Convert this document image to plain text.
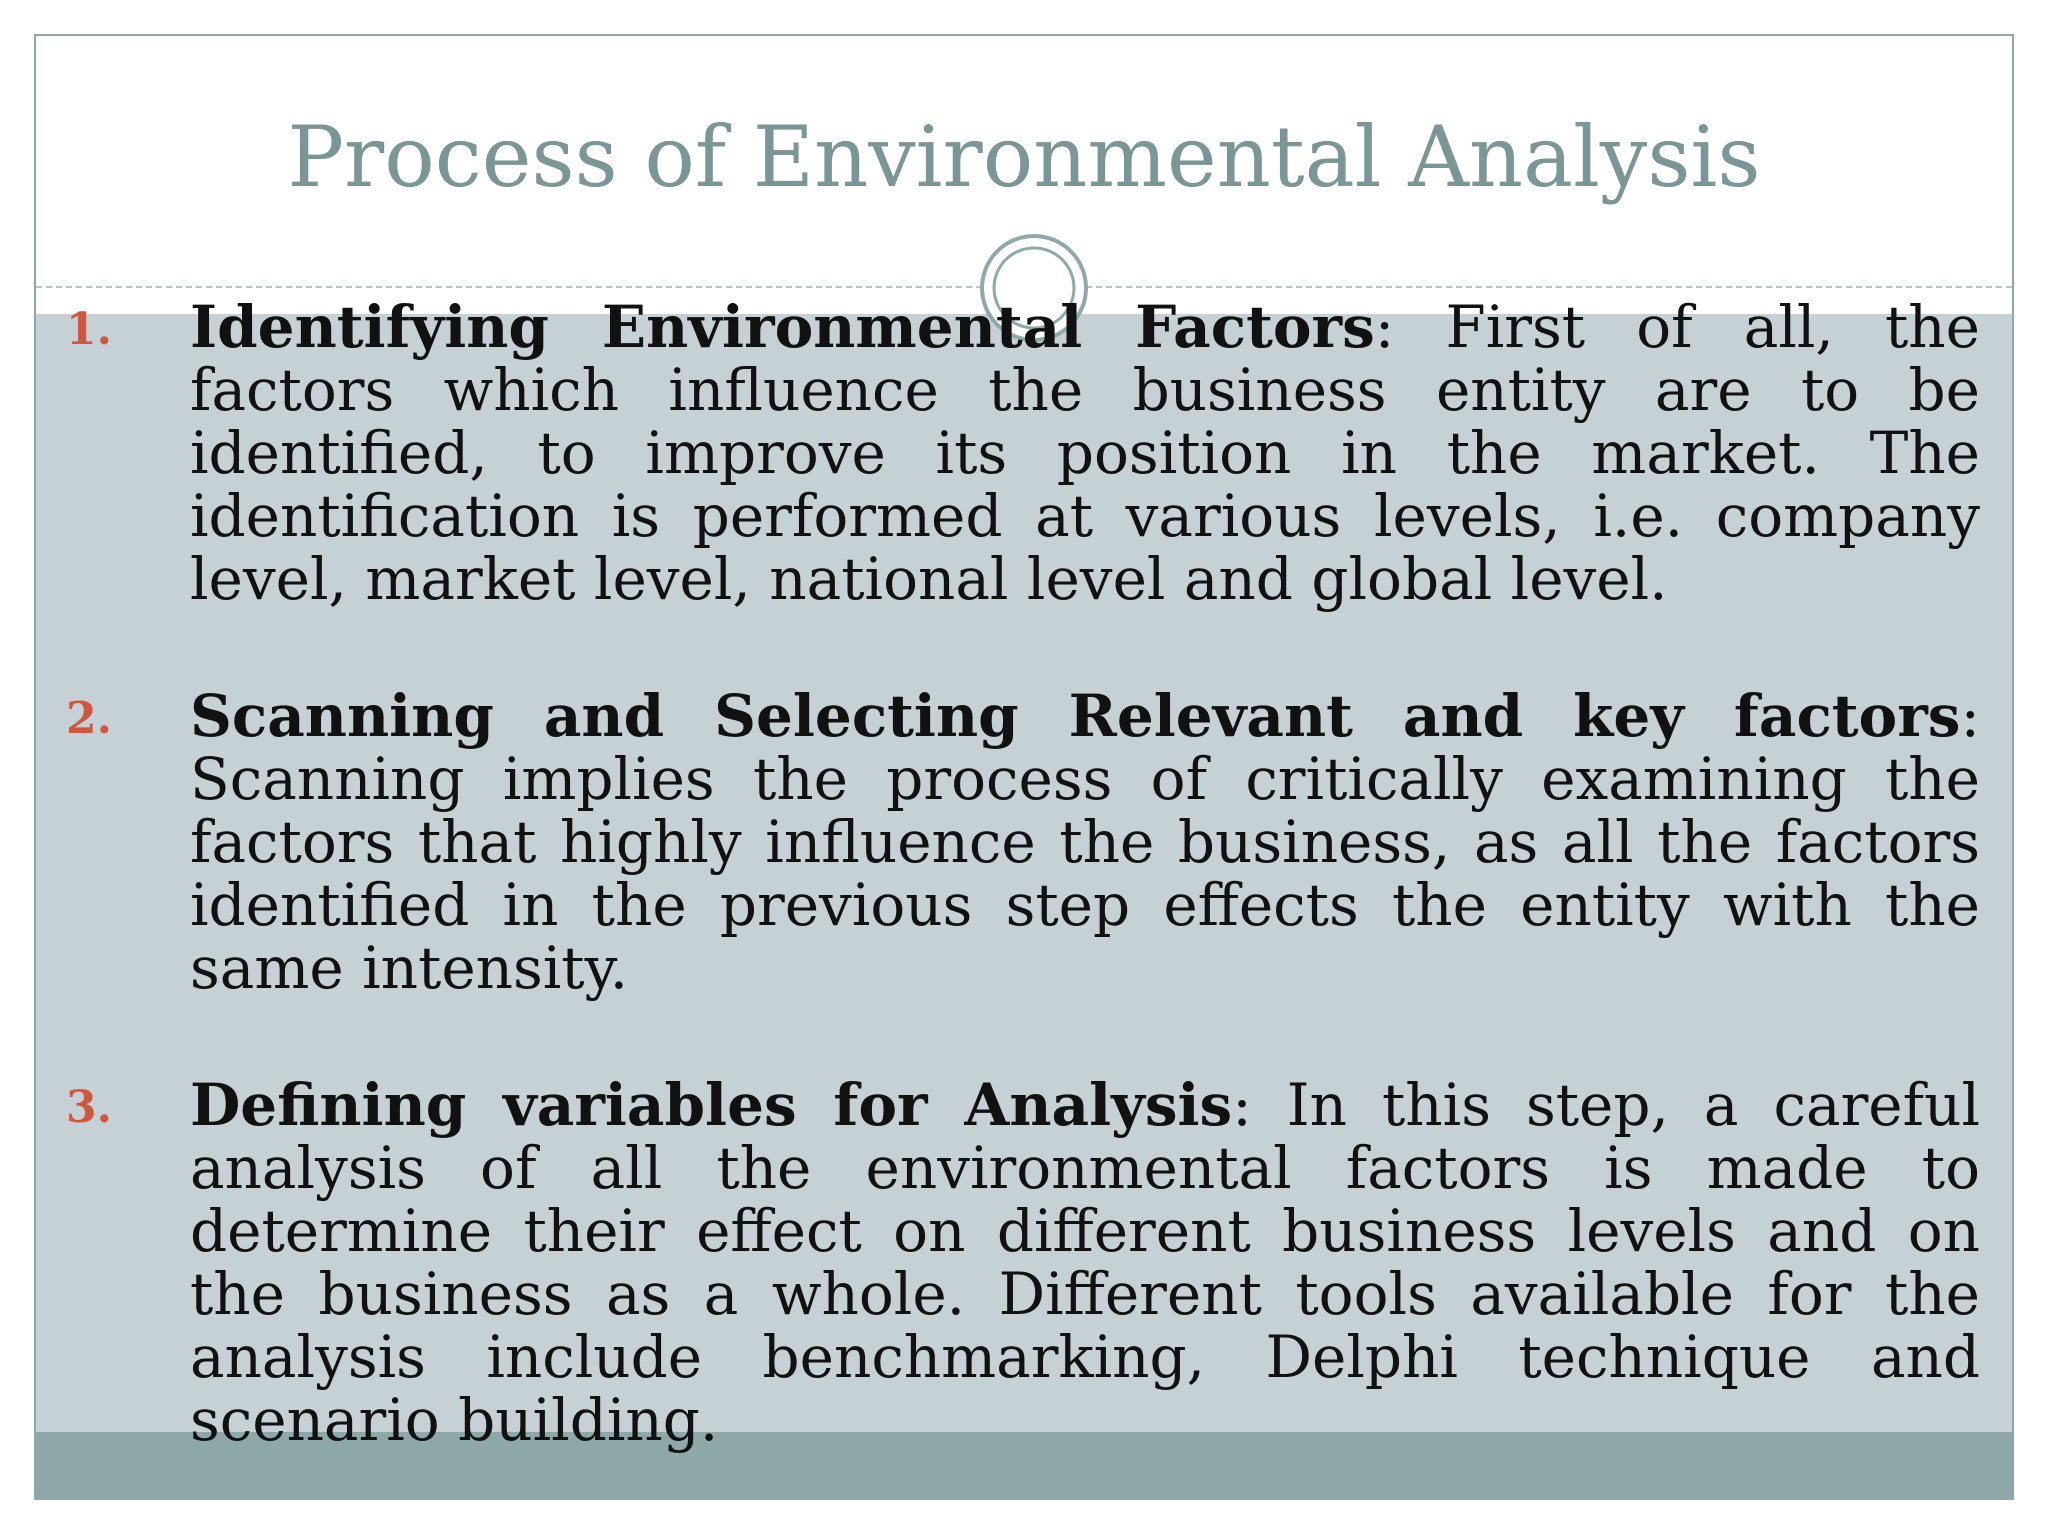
Process of Environmental Analysis
1.	Identifying Environmental Factors: First of all, the factors which influence the business entity are to be identified, to improve its position in the market. The identification is performed at various levels, i.e. company level, market level, national level and global level.
2.	Scanning and Selecting Relevant and key factors: Scanning implies the process of critically examining the factors that highly influence the business, as all the factors identified in the previous step effects the entity with the same intensity.
3.	Defining variables for Analysis: In this step, a careful analysis of all the environmental factors is made to determine their effect on different business levels and on the business as a whole. Different tools available for the analysis include benchmarking, Delphi technique and scenario building.
